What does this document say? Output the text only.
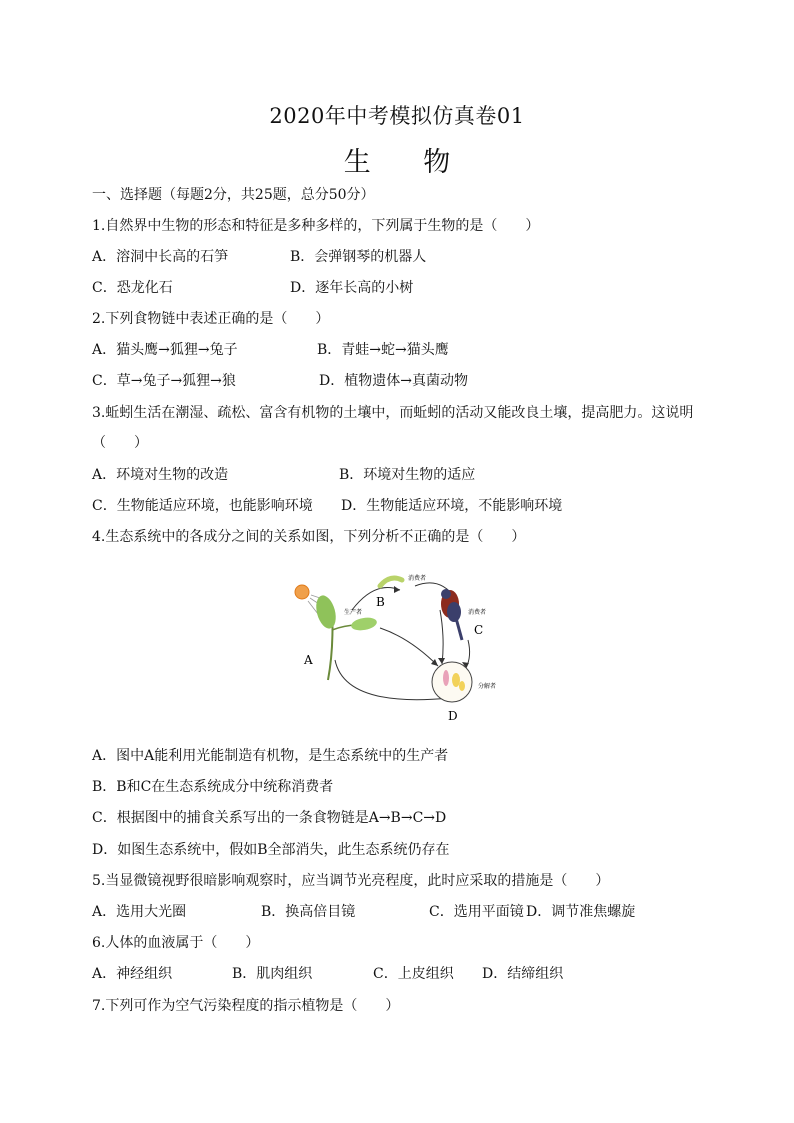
2020年中考模拟仿真卷01
生 物
一、选择题（每题2分，共25题，总分50分）
1.自然界中生物的形态和特征是多种多样的，下列属于生物的是（　　）
A．溶洞中长高的石笋	B．会弹钢琴的机器人
C．恐龙化石	D．逐年长高的小树
2.下列食物链中表述正确的是（　　）
A．猫头鹰→狐狸→兔子	B．青蛙→蛇→猫头鹰
C．草→兔子→狐狸→狼	D．植物遗体→真菌动物
3.蚯蚓生活在潮湿、疏松、富含有机物的土壤中，而蚯蚓的活动又能改良土壤，提高肥力。这说明
（　　）
A．环境对生物的改造	B．环境对生物的适应
C．生物能适应环境，也能影响环境 D．生物能适应环境，不能影响环境
4.生态系统中的各成分之间的关系如图，下列分析不正确的是（　　）
A
B
C
D
生产者
消费者
消费者
分解者
A．图中A能利用光能制造有机物，是生态系统中的生产者
B．B和C在生态系统成分中统称消费者
C．根据图中的捕食关系写出的一条食物链是A→B→C→D
D．如图生态系统中，假如B全部消失，此生态系统仍存在
5.当显微镜视野很暗影响观察时，应当调节光亮程度，此时应采取的措施是（　　）
A．选用大光圈	B．换高倍目镜	C．选用平面镜 D．调节准焦螺旋
6.人体的血液属于（　　）
A．神经组织	B．肌肉组织	C．上皮组织 D．结缔组织
7.下列可作为空气污染程度的指示植物是（　　）
